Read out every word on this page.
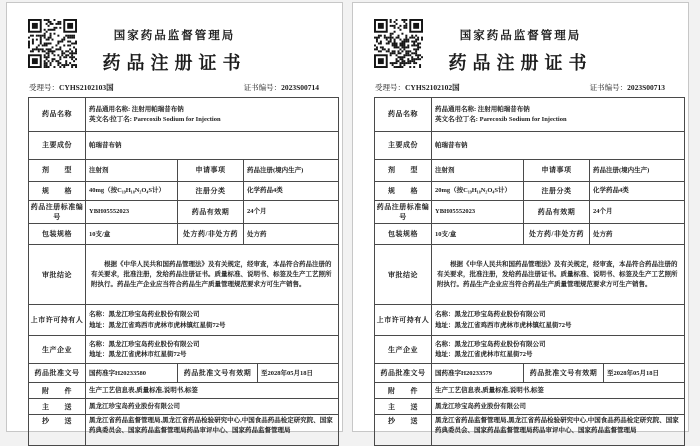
国家药品监督管理局
药品注册证书
受理号：CYHS2102103国	证书编号：2023S00714
药品名称	药品通用名称: 注射用帕瑞昔布钠
英文名/拉丁名: Parecoxib Sodium for Injection			

主要成份	帕瑞昔布钠			
剂　　型	注射剂	申请事项	药品注册(境内生产)	
规　　格	40mg（按C₁₉H₁₈N₂O₄S计）	注册分类	化学药品4类	
药品注册标准编号	YBH05552023	药品有效期	24个月	
包装规格	10支/盒	处方药/非处方药	处方药	
审批结论	根据《中华人民共和国药品管理法》及有关规定，经审查，本品符合药品注册的有关要求，批准注册，发给药品注册证书。质量标准、说明书、标签及生产工艺照所附执行。药品生产企业应当符合药品生产质量管理规范要求方可生产销售。			
上市许可持有人	名称：黑龙江珍宝岛药业股份有限公司
地址：黑龙江省鸡西市虎林市虎林镇红星街72号			

生产企业	名称：黑龙江珍宝岛药业股份有限公司
地址：黑龙江省虎林市红星街72号			

药品批准文号	国药准字H20233580	药品批准文号有效期		至2028年05月18日
附　　件	生产工艺信息表,质量标准,说明书,标签			
主　　送	黑龙江珍宝岛药业股份有限公司			
抄　　送	黑龙江省药品监督管理局,黑龙江省药品检验研究中心,中国食品药品检定研究院、国家药典委员会、国家药品监督管理局药品审评中心、国家药品监督管理局			
国家药品监督管理局
药品注册证书
受理号：CYHS2102102国	证书编号：2023S00713
药品名称	药品通用名称: 注射用帕瑞昔布钠
英文名/拉丁名: Parecoxib Sodium for Injection			

主要成份	帕瑞昔布钠			
剂　　型	注射剂	申请事项	药品注册(境内生产)	
规　　格	20mg（按C₁₉H₁₈N₂O₄S计）	注册分类	化学药品4类	
药品注册标准编号	YBH05552023	药品有效期	24个月	
包装规格	10支/盒	处方药/非处方药	处方药	
审批结论	根据《中华人民共和国药品管理法》及有关规定，经审查，本品符合药品注册的有关要求，批准注册，发给药品注册证书。质量标准、说明书、标签及生产工艺照所附执行。药品生产企业应当符合药品生产质量管理规范要求方可生产销售。			
上市许可持有人	名称：黑龙江珍宝岛药业股份有限公司
地址：黑龙江省鸡西市虎林市虎林镇红星街72号			

生产企业	名称：黑龙江珍宝岛药业股份有限公司
地址：黑龙江省虎林市红星街72号			

药品批准文号	国药准字H20233579	药品批准文号有效期		至2028年05月18日
附　　件	生产工艺信息表,质量标准,说明书,标签			
主　　送	黑龙江珍宝岛药业股份有限公司			
抄　　送	黑龙江省药品监督管理局,黑龙江省药品检验研究中心,中国食品药品检定研究院、国家药典委员会、国家药品监督管理局药品审评中心、国家药品监督管理局			
